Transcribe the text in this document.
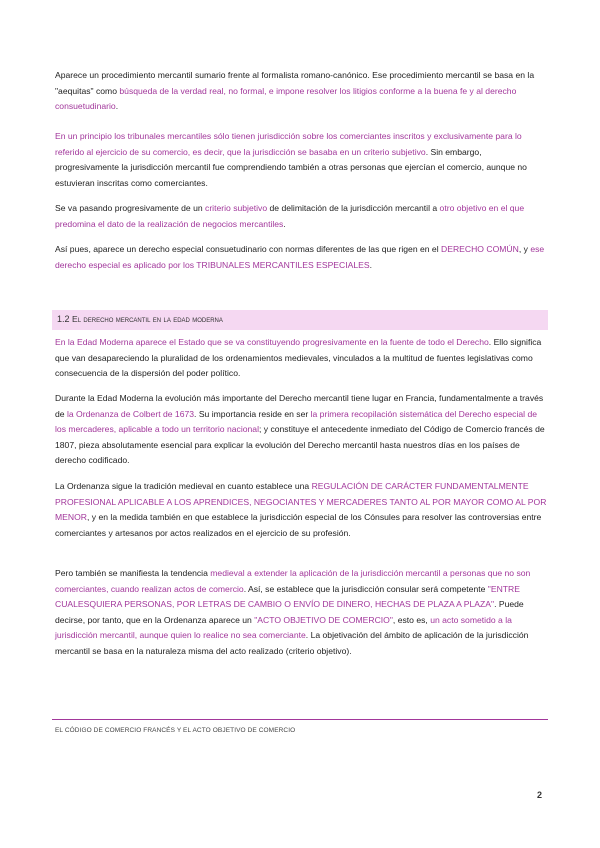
Aparece un procedimiento mercantil sumario frente al formalista romano-canónico. Ese procedimiento mercantil se basa en la "aequitas" como búsqueda de la verdad real, no formal, e impone resolver los litigios conforme a la buena fe y al derecho consuetudinario.

En un principio los tribunales mercantiles sólo tienen jurisdicción sobre los comerciantes inscritos y exclusivamente para lo referido al ejercicio de su comercio, es decir, que la jurisdicción se basaba en un criterio subjetivo. Sin embargo, progresivamente la jurisdicción mercantil fue comprendiendo también a otras personas que ejercían el comercio, aunque no estuvieran inscritas como comerciantes.

Se va pasando progresivamente de un criterio subjetivo de delimitación de la jurisdicción mercantil a otro objetivo en el que predomina el dato de la realización de negocios mercantiles.

Así pues, aparece un derecho especial consuetudinario con normas diferentes de las que rigen en el DERECHO COMÚN, y ese derecho especial es aplicado por los TRIBUNALES MERCANTILES ESPECIALES.

1.2 El derecho mercantil en la edad moderna

En la Edad Moderna aparece el Estado que se va constituyendo progresivamente en la fuente de todo el Derecho. Ello significa que van desapareciendo la pluralidad de los ordenamientos medievales, vinculados a la multitud de fuentes legislativas como consecuencia de la dispersión del poder político.

Durante la Edad Moderna la evolución más importante del Derecho mercantil tiene lugar en Francia, fundamentalmente a través de la Ordenanza de Colbert de 1673. Su importancia reside en ser la primera recopilación sistemática del Derecho especial de los mercaderes, aplicable a todo un territorio nacional; y constituye el antecedente inmediato del Código de Comercio francés de 1807, pieza absolutamente esencial para explicar la evolución del Derecho mercantil hasta nuestros días en los países de derecho codificado.

La Ordenanza sigue la tradición medieval en cuanto establece una REGULACIÓN DE CARÁCTER FUNDAMENTALMENTE PROFESIONAL APLICABLE A LOS APRENDICES, NEGOCIANTES Y MERCADERES TANTO AL POR MAYOR COMO AL POR MENOR, y en la medida también en que establece la jurisdicción especial de los Cónsules para resolver las controversias entre comerciantes y artesanos por actos realizados en el ejercicio de su profesión.

Pero también se manifiesta la tendencia medieval a extender la aplicación de la jurisdicción mercantil a personas que no son comerciantes, cuando realizan actos de comercio. Así, se establece que la jurisdicción consular será competente "ENTRE CUALESQUIERA PERSONAS, POR LETRAS DE CAMBIO O ENVÍO DE DINERO, HECHAS DE PLAZA A PLAZA". Puede decirse, por tanto, que en la Ordenanza aparece un "ACTO OBJETIVO DE COMERCIO", esto es, un acto sometido a la jurisdicción mercantil, aunque quien lo realice no sea comerciante. La objetivación del ámbito de aplicación de la jurisdicción mercantil se basa en la naturaleza misma del acto realizado (criterio objetivo).

EL CÓDIGO DE COMERCIO FRANCÉS Y EL ACTO OBJETIVO DE COMERCIO
2
